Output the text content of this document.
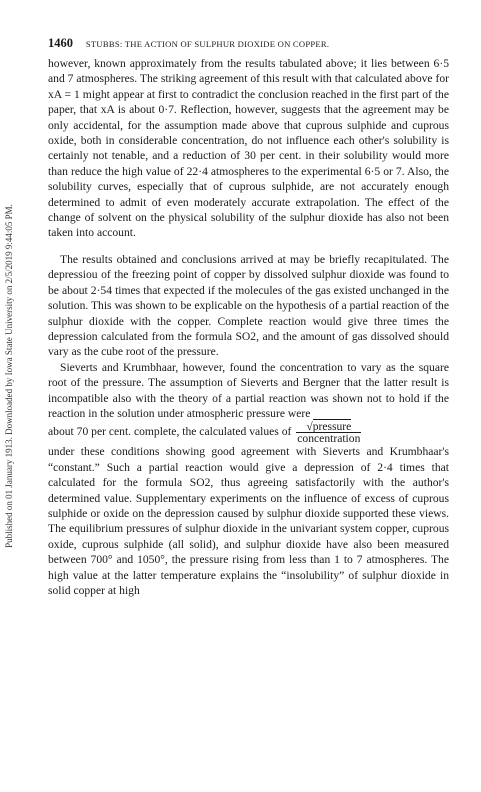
1460 STUBBS: THE ACTION OF SULPHUR DIOXIDE ON COPPER.
Published on 01 January 1913. Downloaded by Iowa State University on 2/5/2019 9:44:05 PM.

however, known approximately from the results tabulated above; it lies between 6·5 and 7 atmospheres. The striking agreement of this result with that calculated above for xA = 1 might appear at first to contradict the conclusion reached in the first part of the paper, that xA is about 0·7. Reflection, however, suggests that the agreement may be only accidental, for the assumption made above that cuprous sulphide and cuprous oxide, both in considerable concentration, do not influence each other's solubility is certainly not tenable, and a reduction of 30 per cent. in their solubility would more than reduce the high value of 22·4 atmospheres to the experimental 6·5 or 7. Also, the solubility curves, especially that of cuprous sulphide, are not accurately enough determined to admit of even moderately accurate extrapolation. The effect of the change of solvent on the physical solubility of the sulphur dioxide has also not been taken into account.

The results obtained and conclusions arrived at may be briefly recapitulated. The depressiou of the freezing point of copper by dissolved sulphur dioxide was found to be about 2·54 times that expected if the molecules of the gas existed unchanged in the solution. This was shown to be explicable on the hypothesis of a partial reaction of the sulphur dioxide with the copper. Complete reaction would give three times the depression calculated from the formula SO2, and the amount of gas dissolved should vary as the cube root of the pressure.

Sieverts and Krumbhaar, however, found the concentration to vary as the square root of the pressure. The assumption of Sieverts and Bergner that the latter result is incompatible also with the theory of a partial reaction was shown not to hold if the reaction in the solution under atmospheric pressure were

about 70 per cent. complete, the calculated values of $\frac{\text{√pressure}}{\text{concentration}}$

under these conditions showing good agreement with Sieverts and Krumbhaar's “constant.” Such a partial reaction would give a depression of 2·4 times that calculated for the formula SO2, thus agreeing satisfactorily with the author's determined value. Supplementary experiments on the influence of excess of cuprous sulphide or oxide on the depression caused by sulphur dioxide supported these views. The equilibrium pressures of sulphur dioxide in the univariant system copper, cuprous oxide, cuprous sulphide (all solid), and sulphur dioxide have also been measured between 700° and 1050°, the pressure rising from less than 1 to 7 atmospheres. The high value at the latter temperature explains the “insolubility” of sulphur dioxide in solid copper at high
